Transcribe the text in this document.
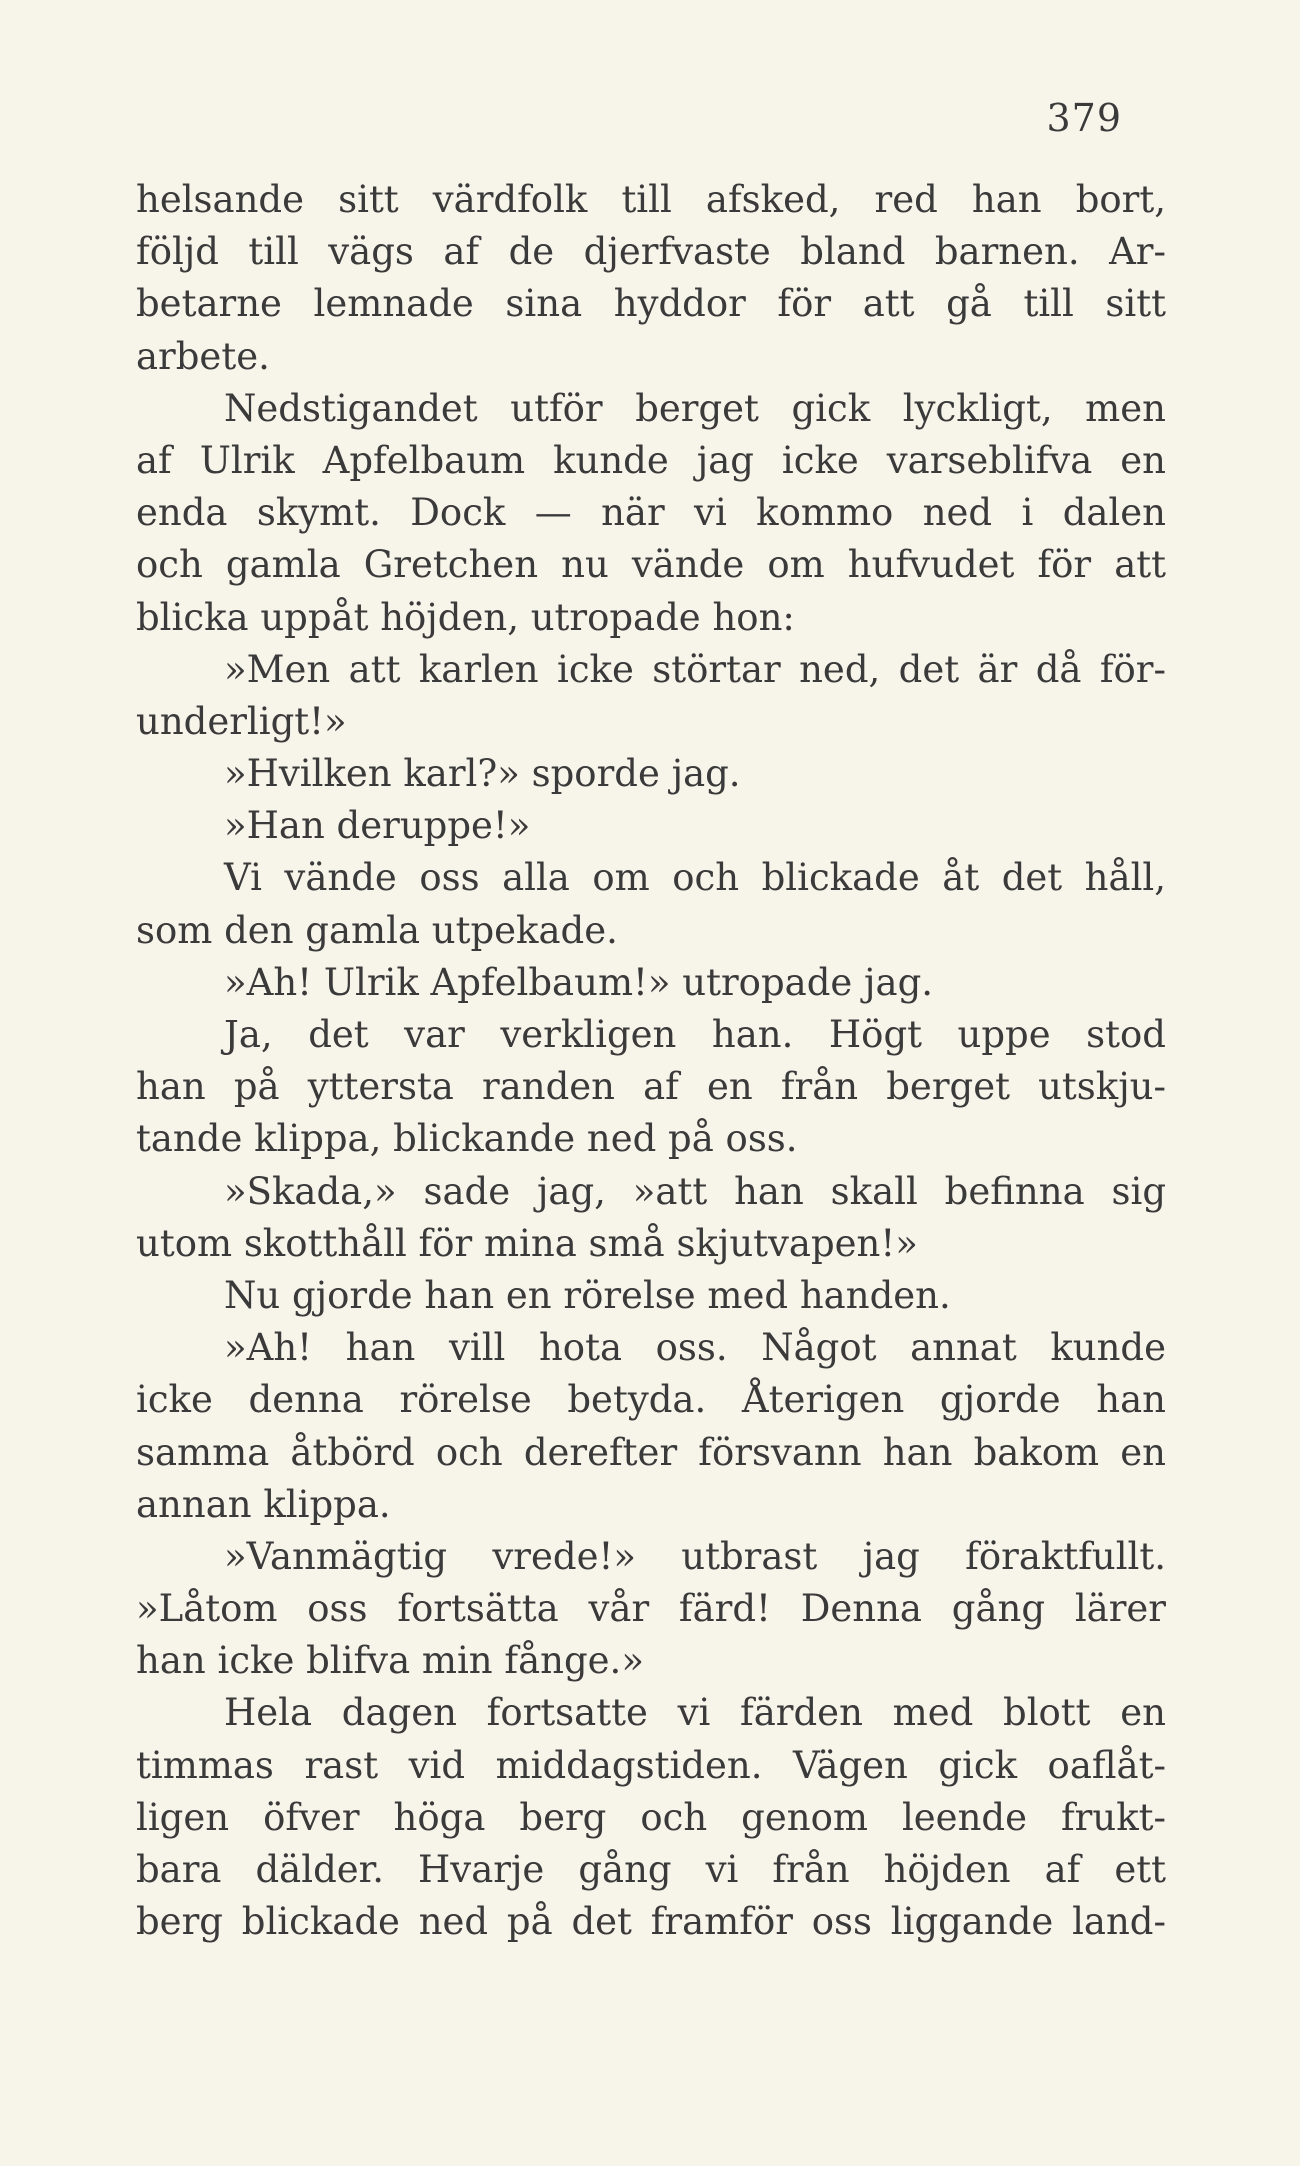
379
helsande sitt värdfolk till afsked, red han bort,
följd till vägs af de djerfvaste bland barnen. Ar-
betarne lemnade sina hyddor för att gå till sitt
arbete.
Nedstigandet utför berget gick lyckligt, men
af Ulrik Apfelbaum kunde jag icke varseblifva en
enda skymt. Dock — när vi kommo ned i dalen
och gamla Gretchen nu vände om hufvudet för att
blicka uppåt höjden, utropade hon:
»Men att karlen icke störtar ned, det är då för-
underligt!»
»Hvilken karl?» sporde jag.
»Han deruppe!»
Vi vände oss alla om och blickade åt det håll,
som den gamla utpekade.
»Ah! Ulrik Apfelbaum!» utropade jag.
Ja, det var verkligen han. Högt uppe stod
han på yttersta randen af en från berget utskju-
tande klippa, blickande ned på oss.
»Skada,» sade jag, »att han skall befinna sig
utom skotthåll för mina små skjutvapen!»
Nu gjorde han en rörelse med handen.
»Ah! han vill hota oss. Något annat kunde
icke denna rörelse betyda. Återigen gjorde han
samma åtbörd och derefter försvann han bakom en
annan klippa.
»Vanmägtig vrede!» utbrast jag föraktfullt.
»Låtom oss fortsätta vår färd! Denna gång lärer
han icke blifva min fånge.»
Hela dagen fortsatte vi färden med blott en
timmas rast vid middagstiden. Vägen gick oaflåt-
ligen öfver höga berg och genom leende frukt-
bara dälder. Hvarje gång vi från höjden af ett
berg blickade ned på det framför oss liggande land-
